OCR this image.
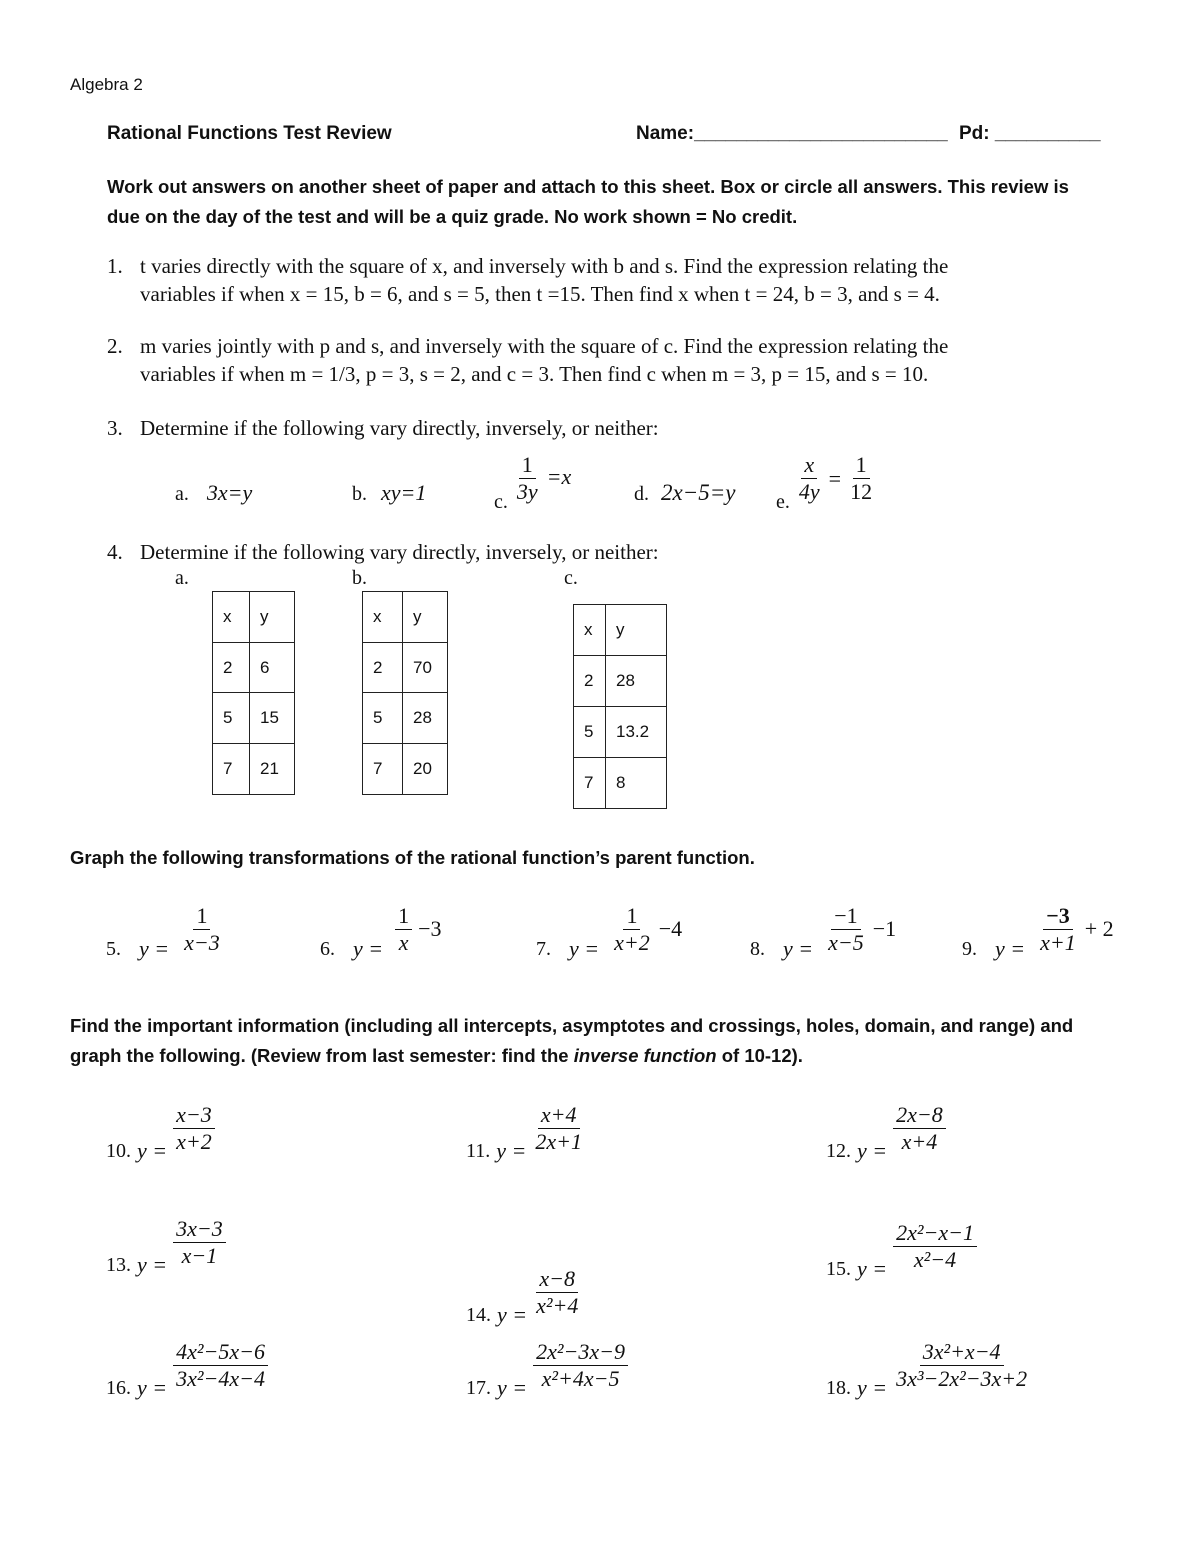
Algebra 2
Rational Functions Test Review	Name:________________________ Pd: __________
Work out answers on another sheet of paper and attach to this sheet. Box or circle all answers. This review is
due on the day of the test and will be a quiz grade. No work shown = No credit.
1. t varies directly with the square of x, and inversely with b and s. Find the expression relating the
variables if when x = 15, b = 6, and s = 5, then t =15. Then find x when t = 24, b = 3, and s = 4.
2. m varies jointly with p and s, and inversely with the square of c. Find the expression relating the
variables if when m = 1/3, p = 3, s = 2, and c = 3. Then find c when m = 3, p = 15, and s = 10.
3. Determine if the following vary directly, inversely, or neither:
a. 3x=y	b. xy=1	c. $\frac{1}{3y} =x$
d. 2x−5=y e. $\frac{x}{4y} = \frac{1}{12}$
4. Determine if the following vary directly, inversely, or neither:
a.	b.	c.
x	y
2	6
5	15
7	21
x	y
2	70
5	28
7	20
x	y
2	28
5	13.2
7	8
Graph the following transformations of the rational function’s parent function.
5. $y = \frac{1}{x-3}$	6. $y = \frac{1}{x} -3$
7. $y = \frac{1}{x+2} -4$
8. $y = \frac{-1}{x-5} -1$
9. $y = \frac{-3}{x+1} + 2$
Find the important information (including all intercepts, asymptotes and crossings, holes, domain, and range) and
graph the following. (Review from last semester: find the inverse function of 10-12).
10. $y = \frac{x-3}{x+2}$	11. $y = \frac{x+4}{2x+1}$	12. $y = \frac{2x-8}{x+4}$
13. $y = \frac{3x-3}{x-1}$
14. $y = \frac{x-8}{\text{x²+4}}$	15. $y = \frac{\text{2x²−x−1}}{\text{x²−4}}$
16. $y = \frac{\text{4x²−5x−6}}{\text{3x²−4x−4}}$	17. $y = \frac{\text{2x²−3x−9}}{\text{x²+4x−5}}$	18. $y = \frac{\text{3x²+x−4}}{\text{3x³−2x²−3x+2}}$
